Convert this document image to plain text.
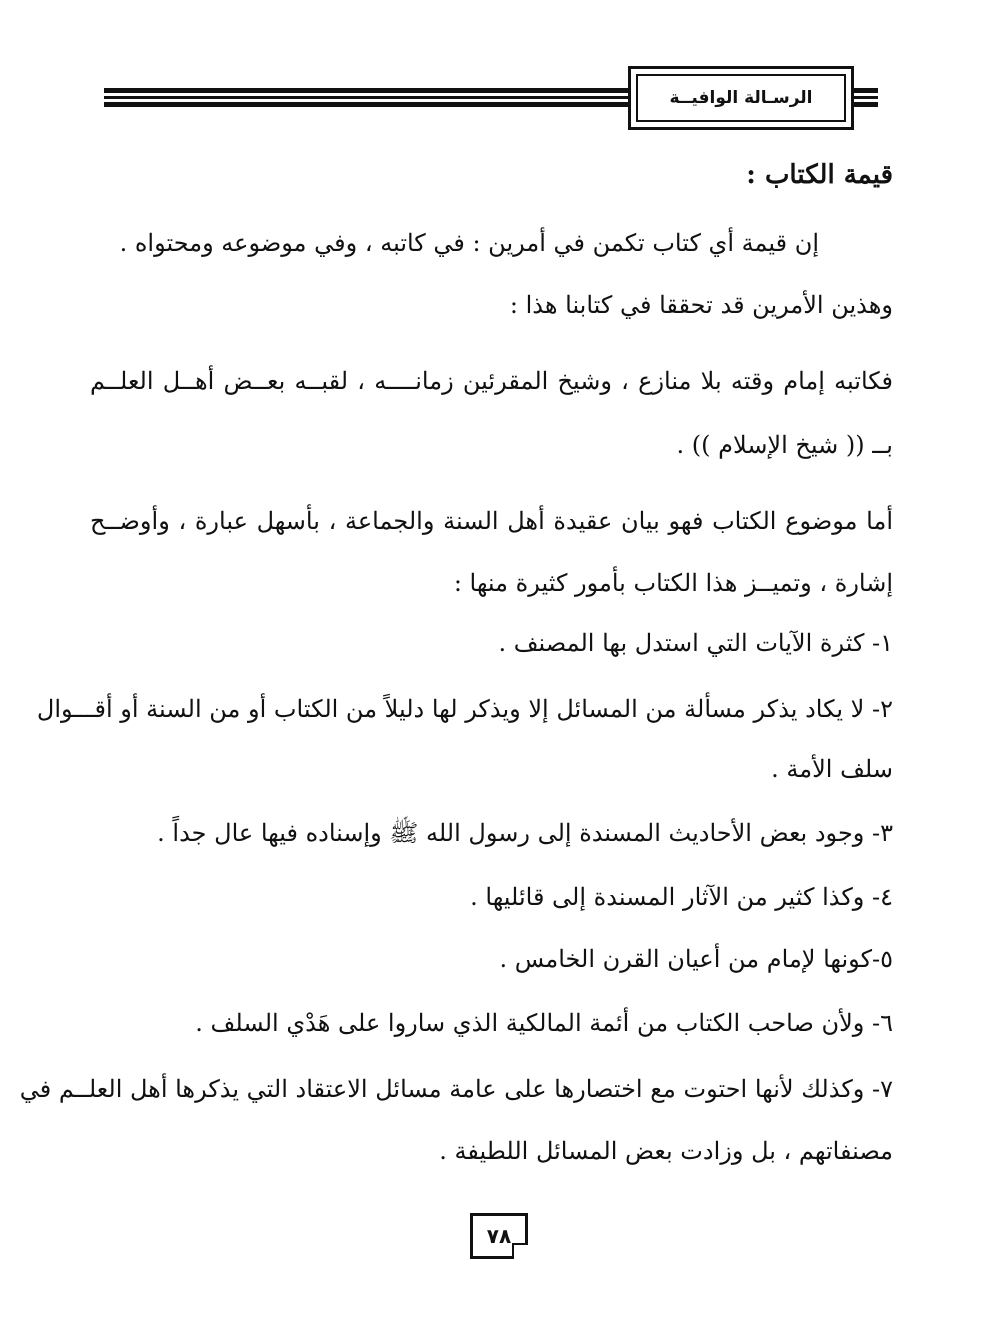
الرسـالة الوافيــة
قيمة الكتاب :
إن قيمة أي كتاب تكمن في أمرين : في كاتبه ، وفي موضوعه ومحتواه .
وهذين الأمرين قد تحققا في كتابنا هذا :
فكاتبه إمام وقته بلا منازع ، وشيخ المقرئين زمانــــه ، لقبــه بعــض أهــل العلــم
بــ (( شيخ الإسلام )) .
أما موضوع الكتاب فهو بيان عقيدة أهل السنة والجماعة ، بأسهل عبارة ، وأوضــح
إشارة ، وتميــز هذا الكتاب بأمور كثيرة منها :
١- كثرة الآيات التي استدل بها المصنف .
٢- لا يكاد يذكر مسألة من المسائل إلا ويذكر لها دليلاً من الكتاب أو من السنة أو أقـــوال
سلف الأمة .
٣- وجود بعض الأحاديث المسندة إلى رسول الله ﷺ وإسناده فيها عال جداً .
٤- وكذا كثير من الآثار المسندة إلى قائليها .
٥-كونها لإمام من أعيان القرن الخامس .
٦- ولأن صاحب الكتاب من أئمة المالكية الذي ساروا على هَدْي السلف .
٧- وكذلك لأنها احتوت مع اختصارها على عامة مسائل الاعتقاد التي يذكرها أهل العلــم في
مصنفاتهم ، بل وزادت بعض المسائل اللطيفة .
٧٨
